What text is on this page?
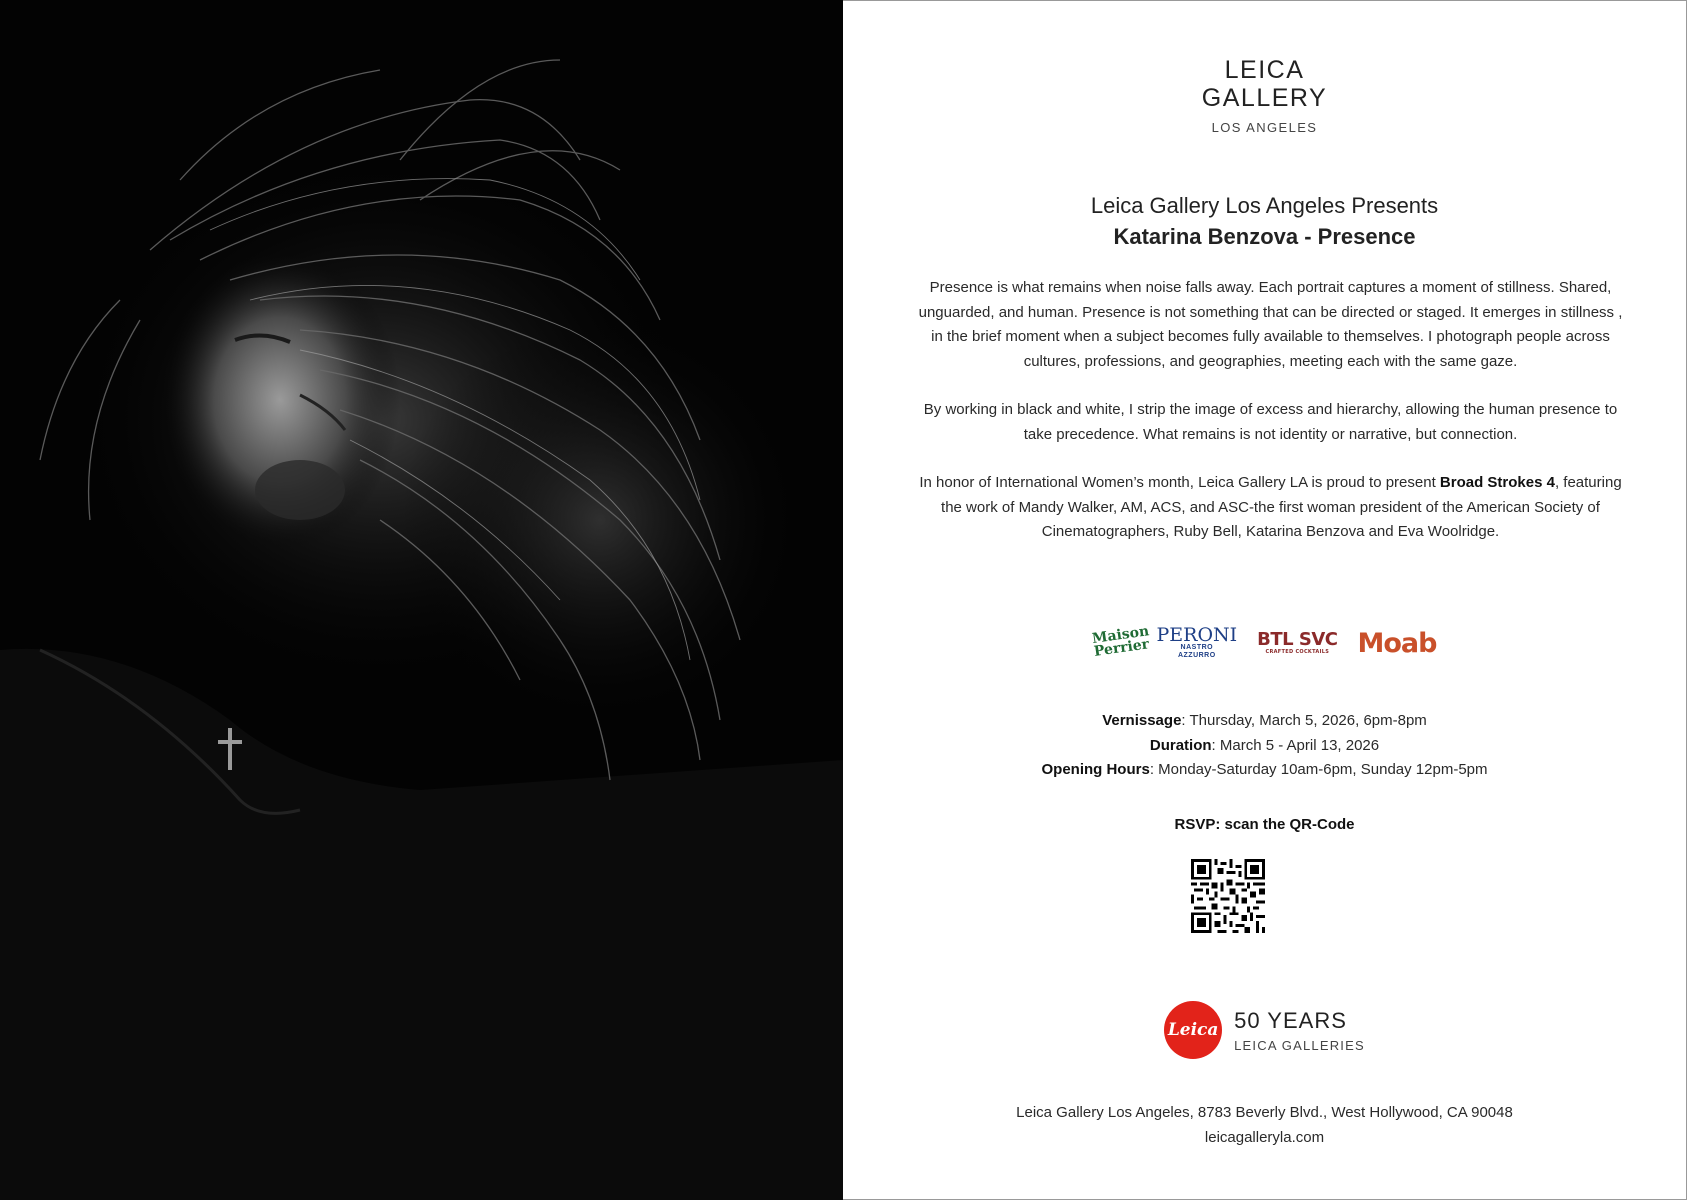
LEICA
GALLERY
LOS ANGELES
Leica Gallery Los Angeles Presents
Katarina Benzova - Presence

Presence is what remains when noise falls away. Each portrait captures a moment of stillness. Shared, unguarded, and human. Presence is not something that can be directed or staged. It emerges in stillness , in the brief moment when a subject becomes fully available to themselves. I photograph people across cultures, professions, and geographies, meeting each with the same gaze.

By working in black and white, I strip the image of excess and hierarchy, allowing the human presence to take precedence. What remains is not identity or narrative, but connection.

In honor of International Women’s month, Leica Gallery LA is proud to present Broad Strokes 4, featuring the work of Mandy Walker, AM, ACS, and ASC-the first woman president of the American Society of Cinematographers, Ruby Bell, Katarina Benzova and Eva Woolridge.

Maison Perrier
PERONI
NASTRO
AZZURRO
BTL SVC
CRAFTED COCKTAILS	Moab
Vernissage: Thursday, March 5, 2026, 6pm-8pm
Duration: March 5 - April 13, 2026
Opening Hours: Monday-Saturday 10am-6pm, Sunday 12pm-5pm
RSVP: scan the QR-Code
Leica 50 YEARS
LEICA GALLERIES
Leica Gallery Los Angeles, 8783 Beverly Blvd., West Hollywood, CA 90048
leicagalleryla.com
